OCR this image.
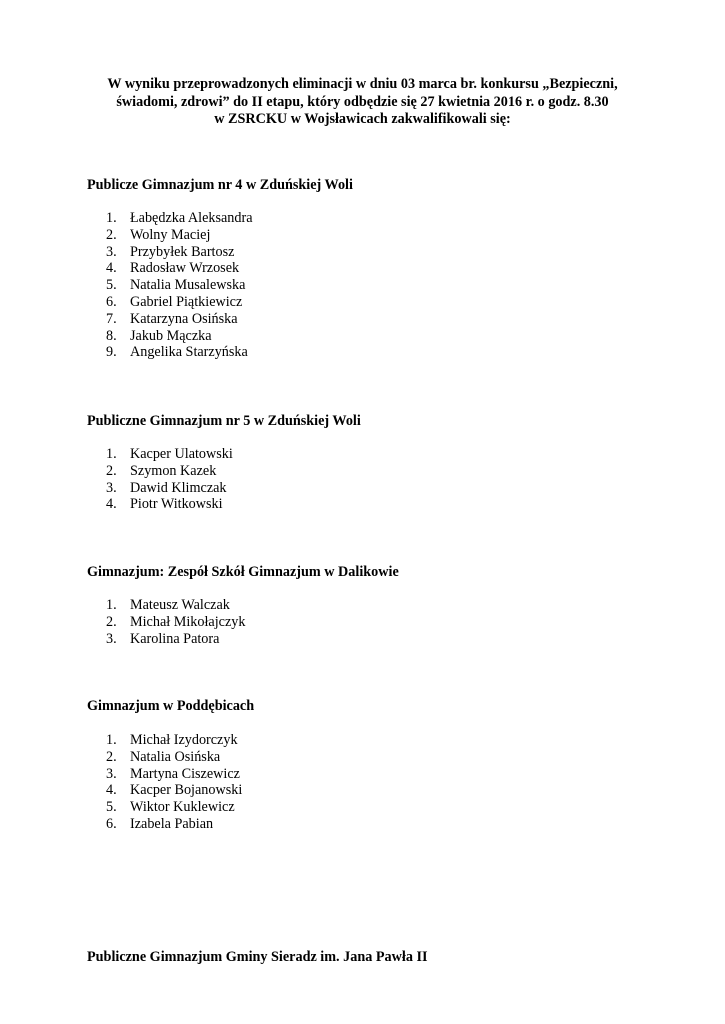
W wyniku przeprowadzonych eliminacji w dniu 03 marca br. konkursu „Bezpieczni,
świadomi, zdrowi” do II etapu, który odbędzie się 27 kwietnia 2016 r. o godz. 8.30
w ZSRCKU w Wojsławicach zakwalifikowali się:
Publicze Gimnazjum nr 4 w Zduńskiej Woli
1. Łabędzka Aleksandra
2. Wolny Maciej
3. Przybyłek Bartosz
4. Radosław Wrzosek
5. Natalia Musalewska
6. Gabriel Piątkiewicz
7. Katarzyna Osińska
8. Jakub Mączka
9. Angelika Starzyńska
Publiczne Gimnazjum nr 5 w Zduńskiej Woli
1. Kacper Ulatowski
2. Szymon Kazek
3. Dawid Klimczak
4. Piotr Witkowski
Gimnazjum: Zespół Szkół Gimnazjum w Dalikowie
1. Mateusz Walczak
2. Michał Mikołajczyk
3. Karolina Patora
Gimnazjum w Poddębicach
1. Michał Izydorczyk
2. Natalia Osińska
3. Martyna Ciszewicz
4. Kacper Bojanowski
5. Wiktor Kuklewicz
6. Izabela Pabian
Publiczne Gimnazjum Gminy Sieradz im. Jana Pawła II
